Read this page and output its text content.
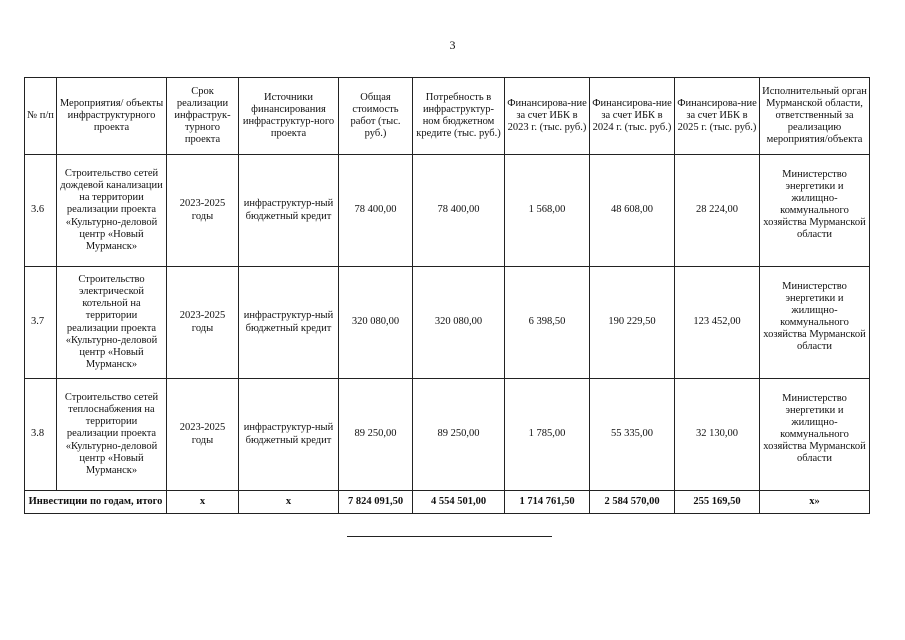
3
№ п/п	Мероприятия/ объекты инфраструктурного проекта	Срок реализации инфраструк-турного проекта	Источники финансирования инфраструктур-ного проекта	Общая стоимость работ (тыс. руб.)	Потребность в инфраструктур-ном бюджетном кредите (тыс. руб.)	Финансирова-ние за счет ИБК в 2023 г. (тыс. руб.)	Финансирова-ние за счет ИБК в 2024 г. (тыс. руб.)	Финансирова-ние за счет ИБК в 2025 г. (тыс. руб.)	Исполнительный орган Мурманской области, ответственный за реализацию мероприятия/объекта
3.6	Строительство сетей дождевой канализации на территории реализации проекта «Культурно-деловой центр «Новый Мурманск»	2023-2025 годы	инфраструктур-ный бюджетный кредит	78 400,00	78 400,00	1 568,00	48 608,00	28 224,00	Министерство энергетики и жилищно-коммунального хозяйства Мурманской области
3.7	Строительство электрической котельной на территории реализации проекта «Культурно-деловой центр «Новый Мурманск»	2023-2025 годы	инфраструктур-ный бюджетный кредит	320 080,00	320 080,00	6 398,50	190 229,50	123 452,00	Министерство энергетики и жилищно-коммунального хозяйства Мурманской области
3.8	Строительство сетей теплоснабжения на территории реализации проекта «Культурно-деловой центр «Новый Мурманск»	2023-2025 годы	инфраструктур-ный бюджетный кредит	89 250,00	89 250,00	1 785,00	55 335,00	32 130,00	Министерство энергетики и жилищно-коммунального хозяйства Мурманской области
Инвестиции по годам, итого		х	х	7 824 091,50	4 554 501,00	1 714 761,50	2 584 570,00	255 169,50	х»
